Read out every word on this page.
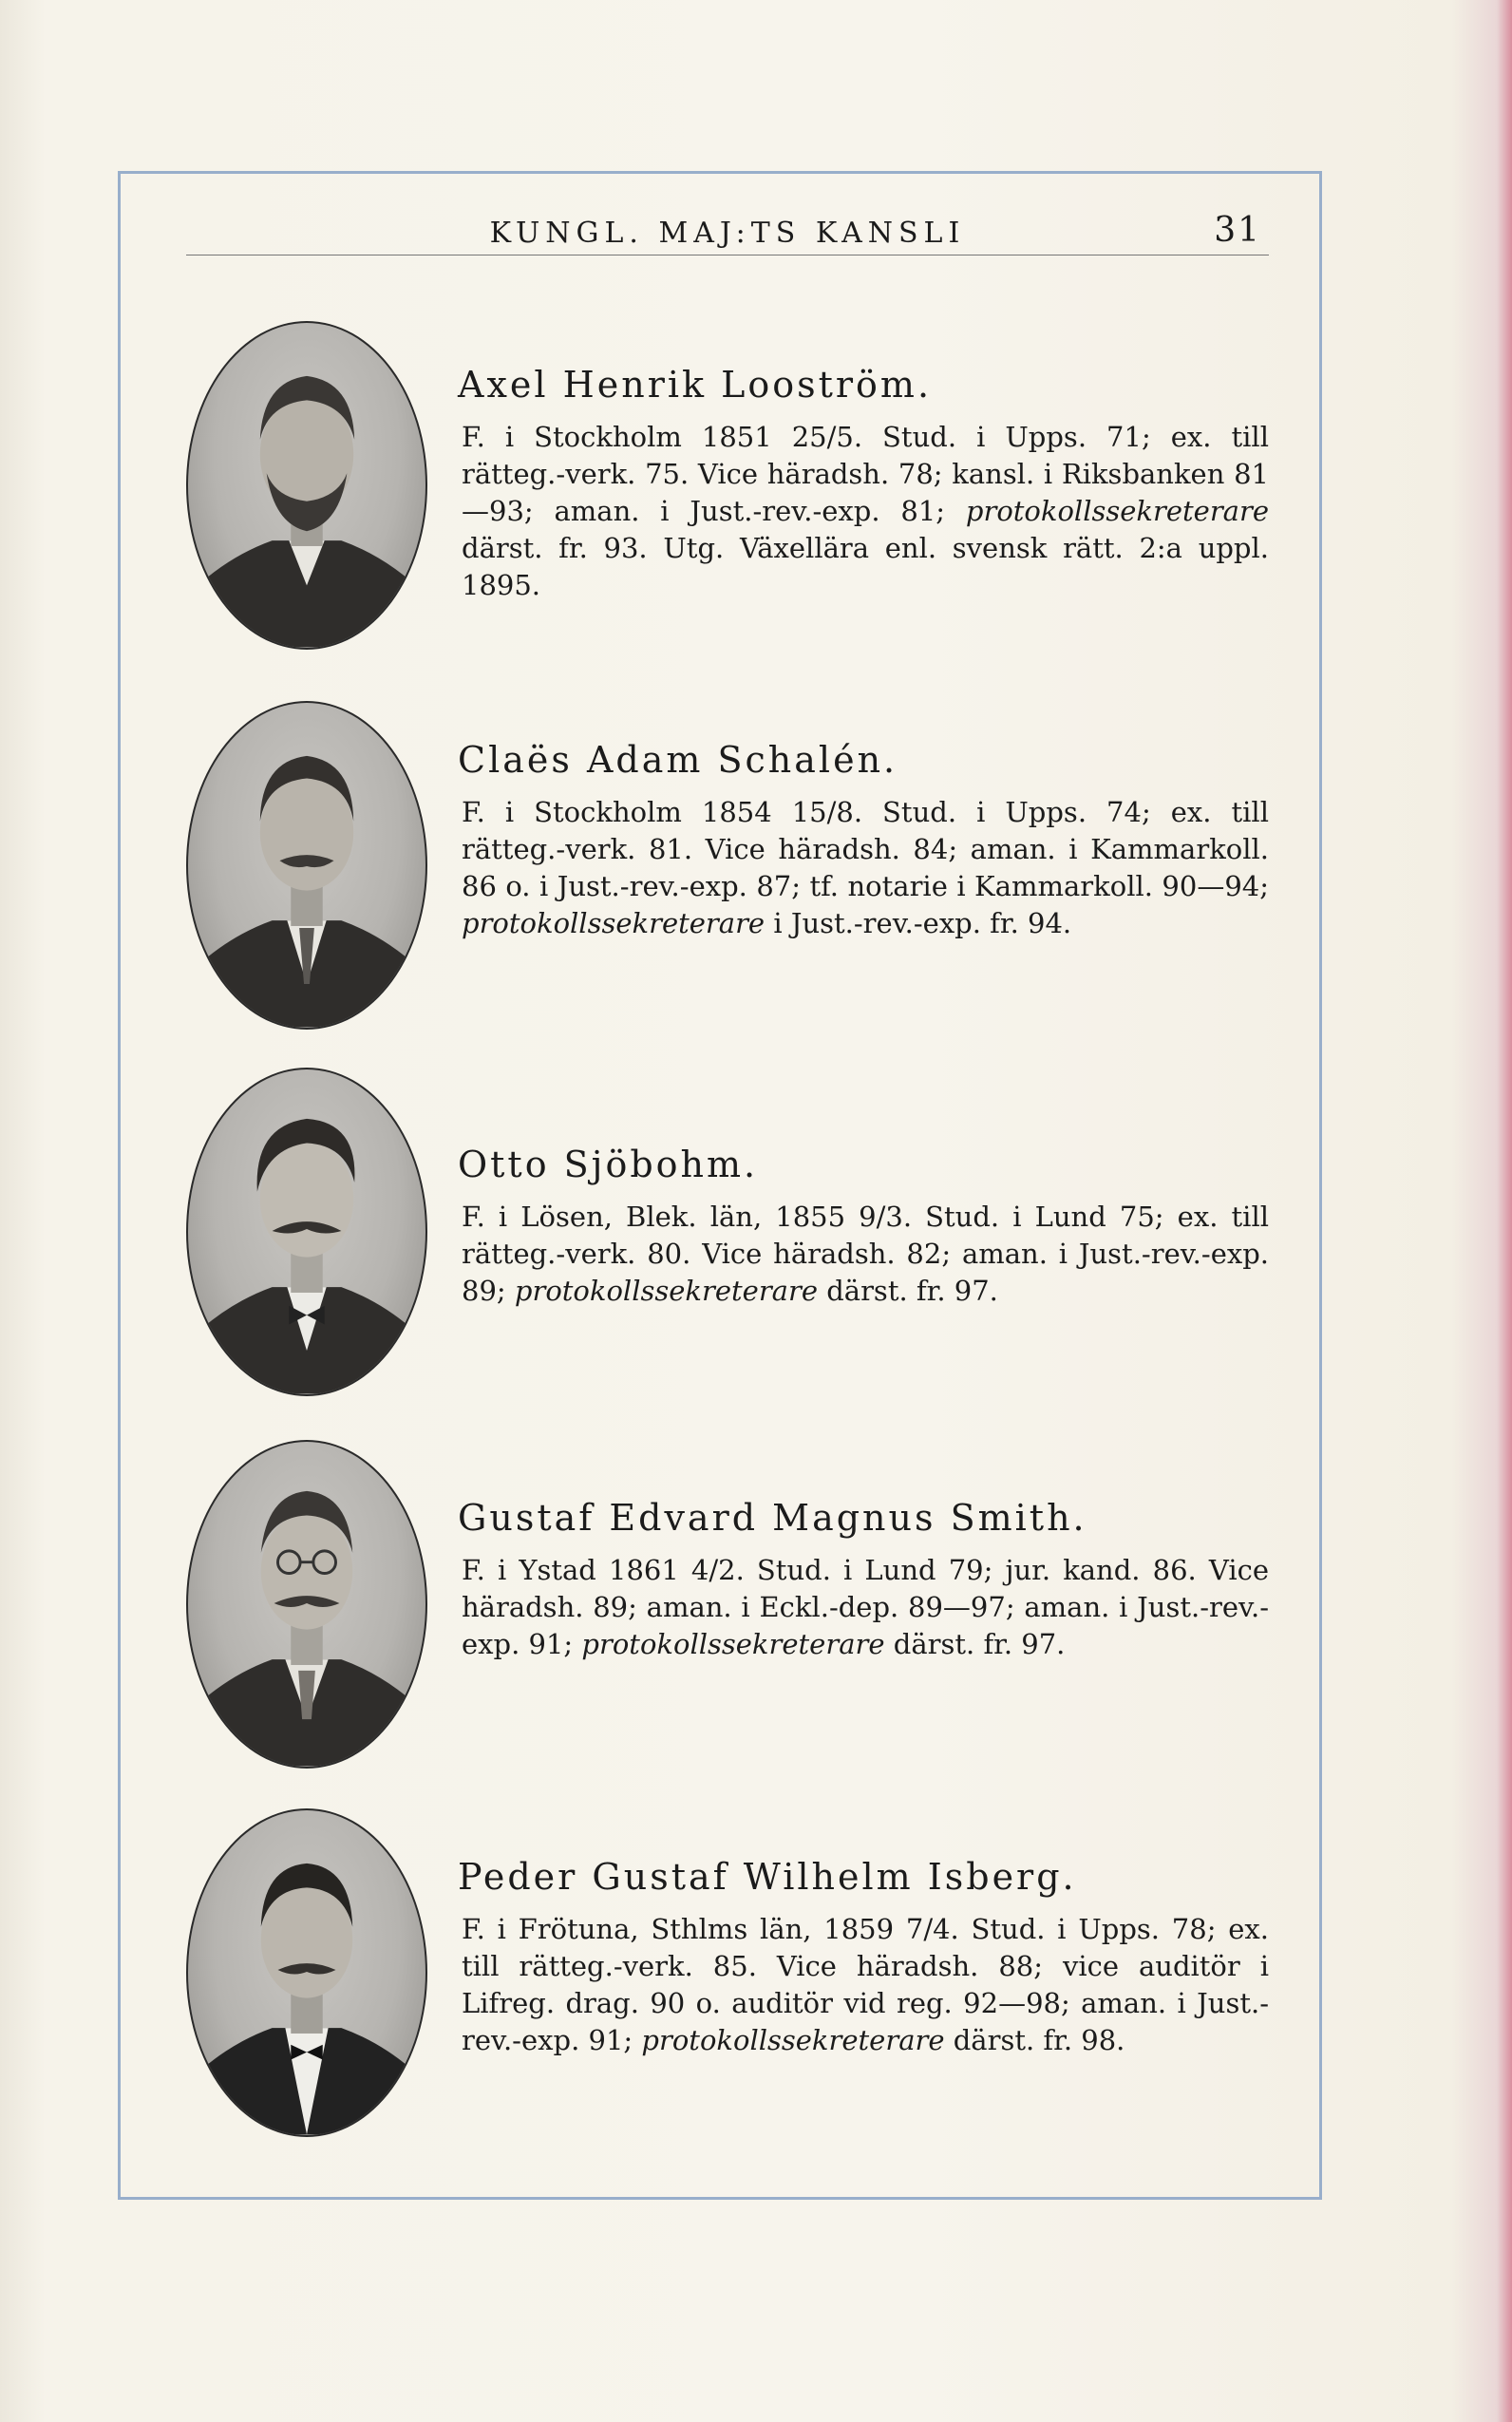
KUNGL. MAJ:TS KANSLI	31
Axel Henrik Looström.

F. i Stockholm 1851 25/5. Stud. i Upps. 71; ex. till rätteg.-verk. 75. Vice häradsh. 78; kansl. i Riksbanken 81—93; aman. i Just.-rev.-exp. 81; protokollssekreterare därst. fr. 93. Utg. Växellära enl. svensk rätt. 2:a uppl. 1895.

Claës Adam Schalén.

F. i Stockholm 1854 15/8. Stud. i Upps. 74; ex. till rätteg.-verk. 81. Vice häradsh. 84; aman. i Kammarkoll. 86 o. i Just.-rev.-exp. 87; tf. notarie i Kammarkoll. 90—94; protokollssekreterare i Just.-rev.-exp. fr. 94.

Otto Sjöbohm.

F. i Lösen, Blek. län, 1855 9/3. Stud. i Lund 75; ex. till rätteg.-verk. 80. Vice häradsh. 82; aman. i Just.-rev.-exp. 89; protokollssekreterare därst. fr. 97.

Gustaf Edvard Magnus Smith.

F. i Ystad 1861 4/2. Stud. i Lund 79; jur. kand. 86. Vice häradsh. 89; aman. i Eckl.-dep. 89—97; aman. i Just.-rev.-exp. 91; protokollssekreterare därst. fr. 97.

Peder Gustaf Wilhelm Isberg.

F. i Frötuna, Sthlms län, 1859 7/4. Stud. i Upps. 78; ex. till rätteg.-verk. 85. Vice häradsh. 88; vice auditör i Lifreg. drag. 90 o. auditör vid reg. 92—98; aman. i Just.-rev.-exp. 91; protokollssekreterare därst. fr. 98.
